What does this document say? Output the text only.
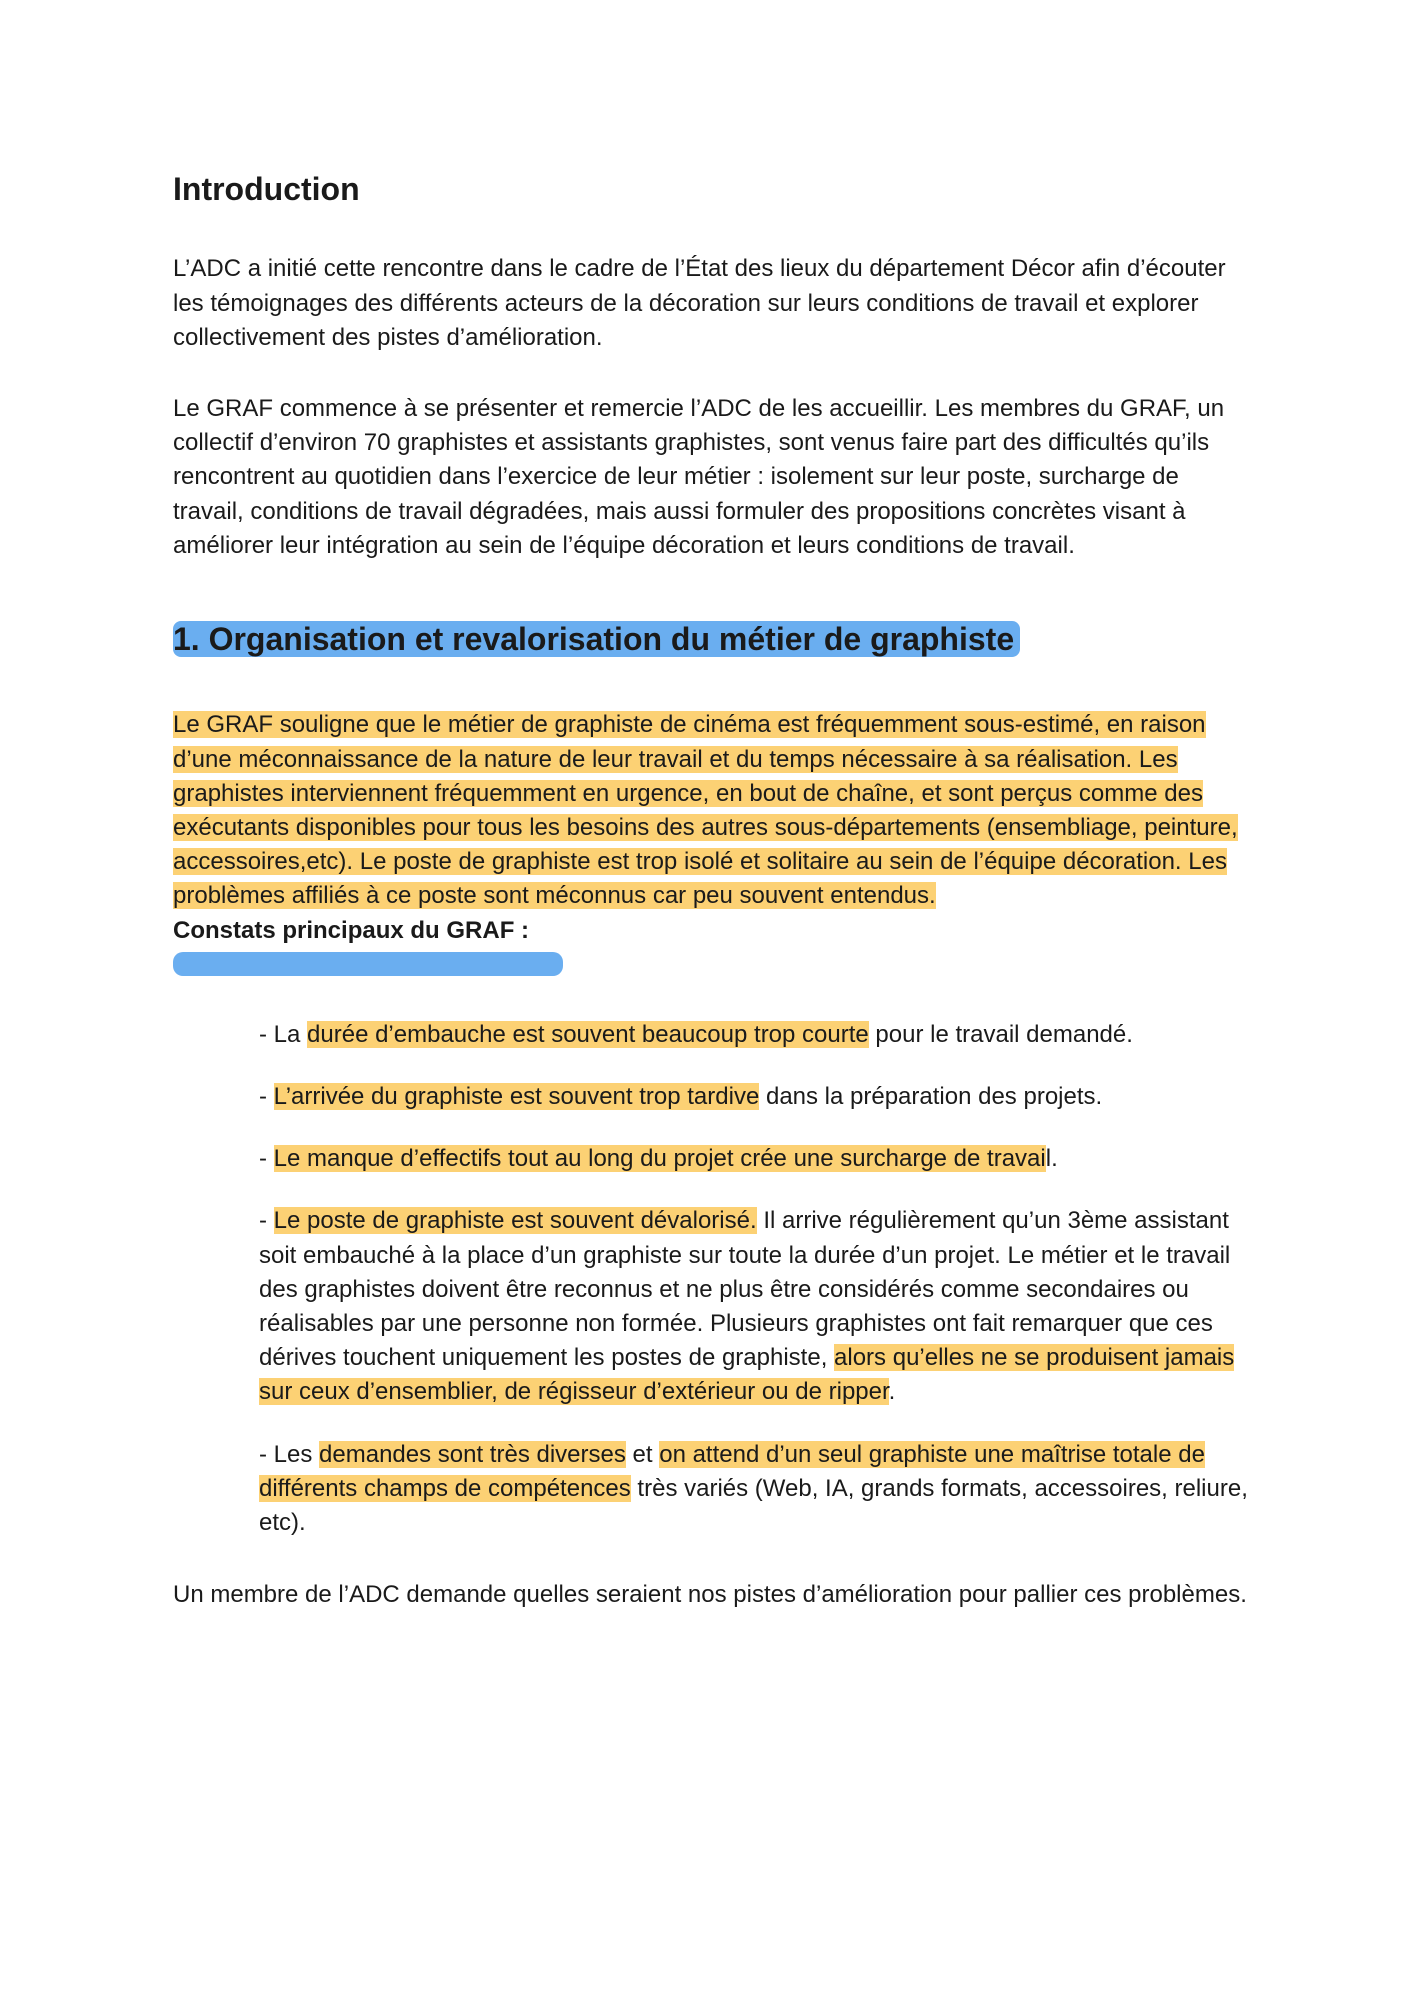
Introduction

L’ADC a initié cette rencontre dans le cadre de l’État des lieux du département Décor afin d’écouter les témoignages des différents acteurs de la décoration sur leurs conditions de travail et explorer collectivement des pistes d’amélioration.

Le GRAF commence à se présenter et remercie l’ADC de les accueillir. Les membres du GRAF, un collectif d’environ 70 graphistes et assistants graphistes, sont venus faire part des difficultés qu’ils rencontrent au quotidien dans l’exercice de leur métier : isolement sur leur poste, surcharge de travail, conditions de travail dégradées, mais aussi formuler des propositions concrètes visant à améliorer leur intégration au sein de l’équipe décoration et leurs conditions de travail.

1. Organisation et revalorisation du métier de graphiste

Le GRAF souligne que le métier de graphiste de cinéma est fréquemment sous-estimé, en raison d’une méconnaissance de la nature de leur travail et du temps nécessaire à sa réalisation. Les graphistes interviennent fréquemment en urgence, en bout de chaîne, et sont perçus comme des exécutants disponibles pour tous les besoins des autres sous-départements (ensembliage, peinture, accessoires,etc). Le poste de graphiste est trop isolé et solitaire au sein de l’équipe décoration. Les problèmes affiliés à ce poste sont méconnus car peu souvent entendus.

Constats principaux du GRAF :

- La durée d’embauche est souvent beaucoup trop courte pour le travail demandé.
- L’arrivée du graphiste est souvent trop tardive dans la préparation des projets.
- Le manque d’effectifs tout au long du projet crée une surcharge de travail.
- Le poste de graphiste est souvent dévalorisé. Il arrive régulièrement qu’un 3ème assistant soit embauché à la place d’un graphiste sur toute la durée d’un projet. Le métier et le travail des graphistes doivent être reconnus et ne plus être considérés comme secondaires ou réalisables par une personne non formée. Plusieurs graphistes ont fait remarquer que ces dérives touchent uniquement les postes de graphiste, alors qu’elles ne se produisent jamais sur ceux d’ensemblier, de régisseur d’extérieur ou de ripper.
- Les demandes sont très diverses et on attend d’un seul graphiste une maîtrise totale de différents champs de compétences très variés (Web, IA, grands formats, accessoires, reliure, etc).

Un membre de l’ADC demande quelles seraient nos pistes d’amélioration pour pallier ces problèmes.
